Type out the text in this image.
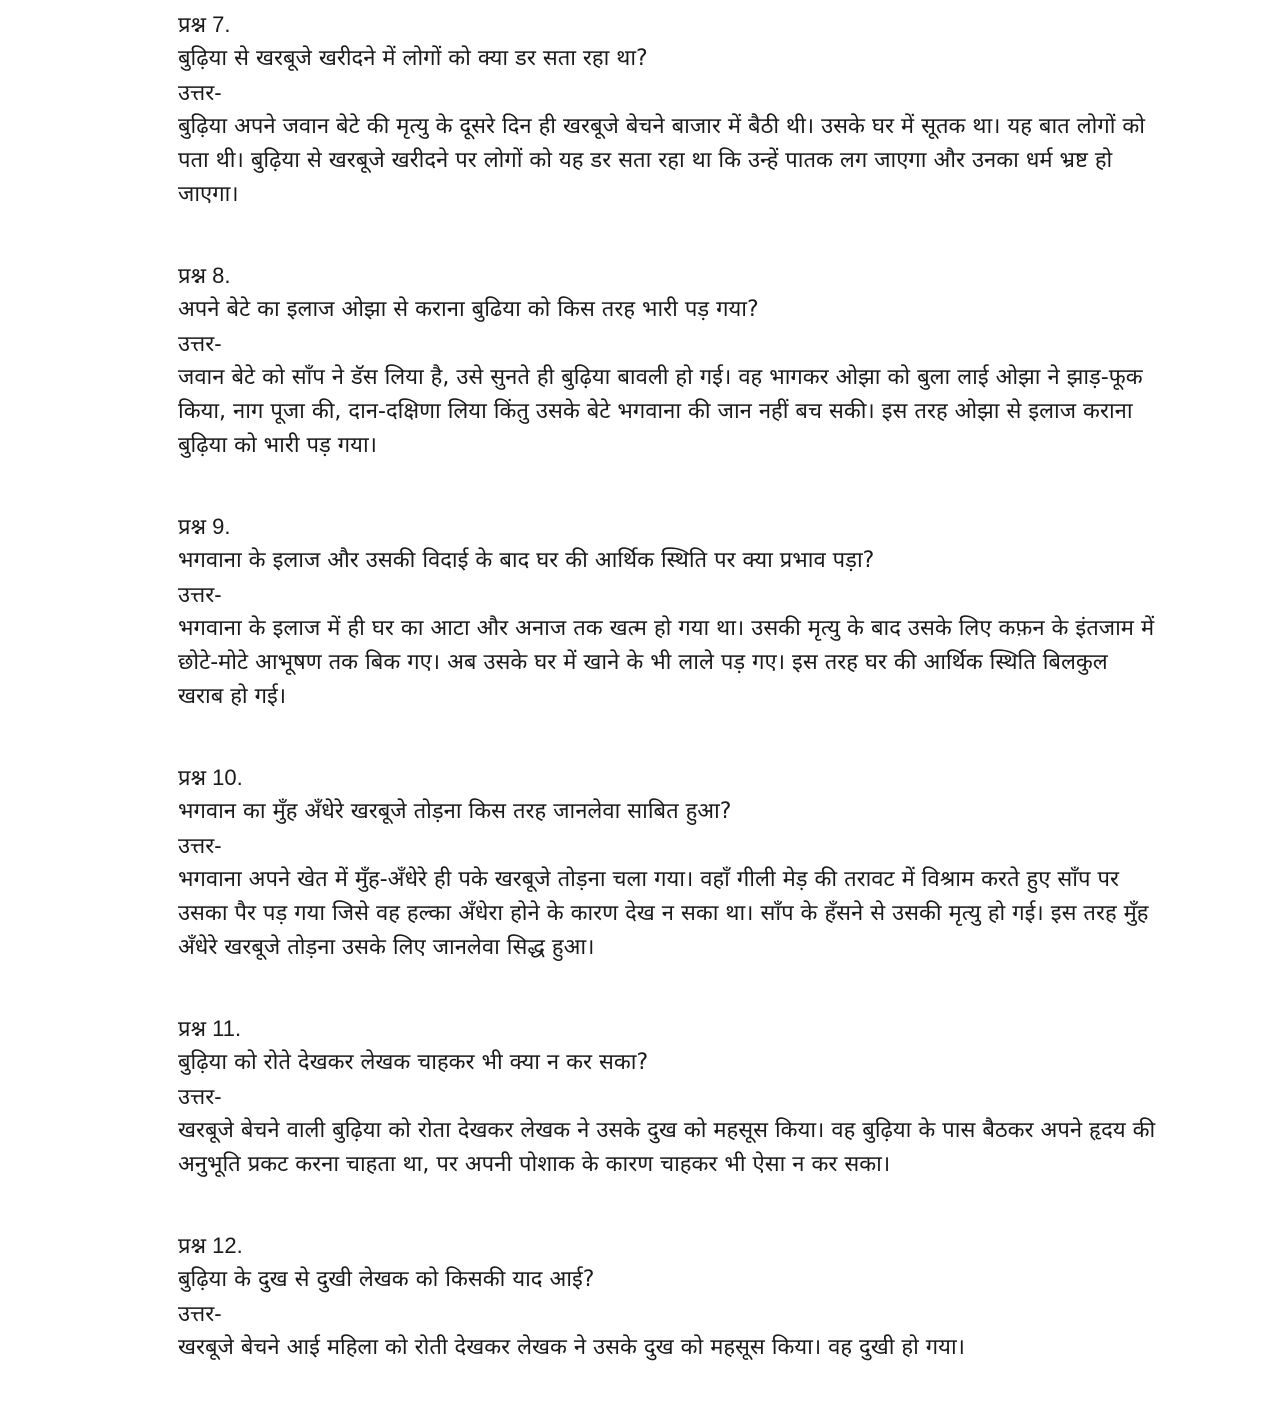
प्रश्न 7.

बुढ़िया से खरबूजे खरीदने में लोगों को क्या डर सता रहा था?

उत्तर-

बुढ़िया अपने जवान बेटे की मृत्यु के दूसरे दिन ही खरबूजे बेचने बाजार में बैठी थी। उसके घर में सूतक था। यह बात लोगों को पता थी। बुढ़िया से खरबूजे खरीदने पर लोगों को यह डर सता रहा था कि उन्हें पातक लग जाएगा और उनका धर्म भ्रष्ट हो जाएगा।

प्रश्न 8.

अपने बेटे का इलाज ओझा से कराना बुढिया को किस तरह भारी पड़ गया?

उत्तर-

जवान बेटे को साँप ने डॅस लिया है, उसे सुनते ही बुढ़िया बावली हो गई। वह भागकर ओझा को बुला लाई ओझा ने झाड़-फूक किया, नाग पूजा की, दान-दक्षिणा लिया किंतु उसके बेटे भगवाना की जान नहीं बच सकी। इस तरह ओझा से इलाज कराना बुढ़िया को भारी पड़ गया।

प्रश्न 9.

भगवाना के इलाज और उसकी विदाई के बाद घर की आर्थिक स्थिति पर क्या प्रभाव पड़ा?

उत्तर-

भगवाना के इलाज में ही घर का आटा और अनाज तक खत्म हो गया था। उसकी मृत्यु के बाद उसके लिए कफ़न के इंतजाम में छोटे-मोटे आभूषण तक बिक गए। अब उसके घर में खाने के भी लाले पड़ गए। इस तरह घर की आर्थिक स्थिति बिलकुल खराब हो गई।

प्रश्न 10.

भगवान का मुँह अँधेरे खरबूजे तोड़ना किस तरह जानलेवा साबित हुआ?

उत्तर-

भगवाना अपने खेत में मुँह-अँधेरे ही पके खरबूजे तोड़ना चला गया। वहाँ गीली मेड़ की तरावट में विश्राम करते हुए साँप पर उसका पैर पड़ गया जिसे वह हल्का अँधेरा होने के कारण देख न सका था। साँप के हँसने से उसकी मृत्यु हो गई। इस तरह मुँह अँधेरे खरबूजे तोड़ना उसके लिए जानलेवा सिद्ध हुआ।

प्रश्न 11.

बुढ़िया को रोते देखकर लेखक चाहकर भी क्या न कर सका?

उत्तर-

खरबूजे बेचने वाली बुढ़िया को रोता देखकर लेखक ने उसके दुख को महसूस किया। वह बुढ़िया के पास बैठकर अपने हृदय की अनुभूति प्रकट करना चाहता था, पर अपनी पोशाक के कारण चाहकर भी ऐसा न कर सका।

प्रश्न 12.

बुढ़िया के दुख से दुखी लेखक को किसकी याद आई?

उत्तर-

खरबूजे बेचने आई महिला को रोती देखकर लेखक ने उसके दुख को महसूस किया। वह दुखी हो गया।
